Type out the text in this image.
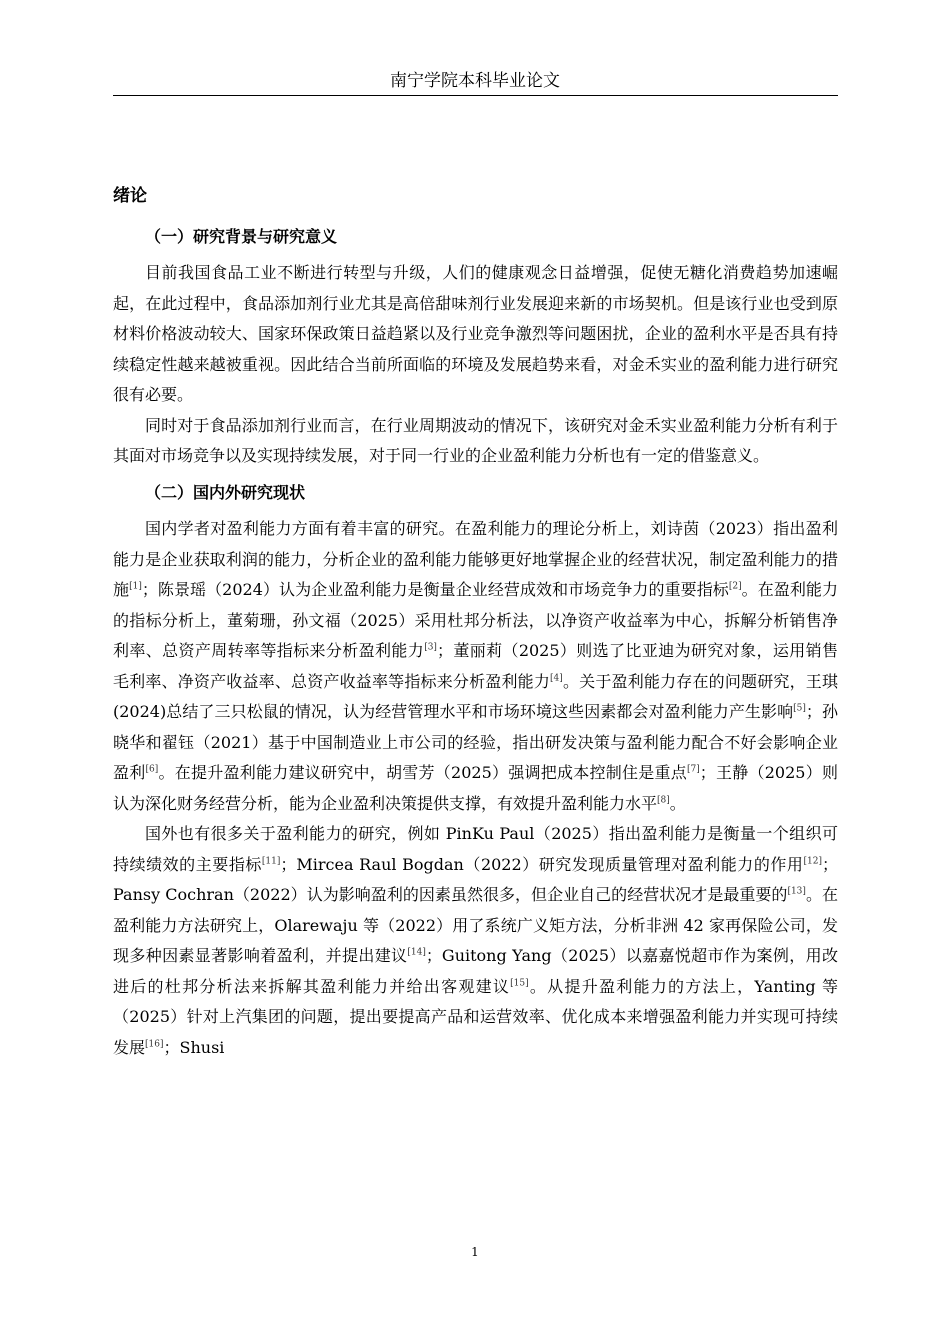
南宁学院本科毕业论文
绪论
（一）研究背景与研究意义

目前我国食品工业不断进行转型与升级，人们的健康观念日益增强，促使无糖化消费趋势加速崛起，在此过程中，食品添加剂行业尤其是高倍甜味剂行业发展迎来新的市场契机。但是该行业也受到原材料价格波动较大、国家环保政策日益趋紧以及行业竞争激烈等问题困扰，企业的盈利水平是否具有持续稳定性越来越被重视。因此结合当前所面临的环境及发展趋势来看，对金禾实业的盈利能力进行研究很有必要。

同时对于食品添加剂行业而言，在行业周期波动的情况下，该研究对金禾实业盈利能力分析有利于其面对市场竞争以及实现持续发展，对于同一行业的企业盈利能力分析也有一定的借鉴意义。

（二）国内外研究现状

国内学者对盈利能力方面有着丰富的研究。在盈利能力的理论分析上，刘诗茵（2023）指出盈利能力是企业获取利润的能力，分析企业的盈利能力能够更好地掌握企业的经营状况，制定盈利能力的措施[1]；陈景瑶（2024）认为企业盈利能力是衡量企业经营成效和市场竞争力的重要指标[2]。在盈利能力的指标分析上，董菊珊，孙文福（2025）采用杜邦分析法，以净资产收益率为中心，拆解分析销售净利率、总资产周转率等指标来分析盈利能力[3]；董丽莉（2025）则选了比亚迪为研究对象，运用销售毛利率、净资产收益率、总资产收益率等指标来分析盈利能力[4]。关于盈利能力存在的问题研究，王琪(2024)总结了三只松鼠的情况，认为经营管理水平和市场环境这些因素都会对盈利能力产生影响[5]；孙晓华和翟钰（2021）基于中国制造业上市公司的经验，指出研发决策与盈利能力配合不好会影响企业盈利[6]。在提升盈利能力建议研究中，胡雪芳（2025）强调把成本控制住是重点[7]；王静（2025）则认为深化财务经营分析，能为企业盈利决策提供支撑，有效提升盈利能力水平[8]。

国外也有很多关于盈利能力的研究，例如 PinKu Paul（2025）指出盈利能力是衡量一个组织可持续绩效的主要指标[11]；Mircea Raul Bogdan（2022）研究发现质量管理对盈利能力的作用[12]；Pansy Cochran（2022）认为影响盈利的因素虽然很多，但企业自己的经营状况才是最重要的[13]。在盈利能力方法研究上，Olarewaju 等（2022）用了系统广义矩方法，分析非洲 42 家再保险公司，发现多种因素显著影响着盈利，并提出建议[14]；Guitong Yang（2025）以嘉嘉悦超市作为案例，用改进后的杜邦分析法来拆解其盈利能力并给出客观建议[15]。从提升盈利能力的方法上，Yanting 等（2025）针对上汽集团的问题，提出要提高产品和运营效率、优化成本来增强盈利能力并实现可持续发展[16]；Shusi

1
